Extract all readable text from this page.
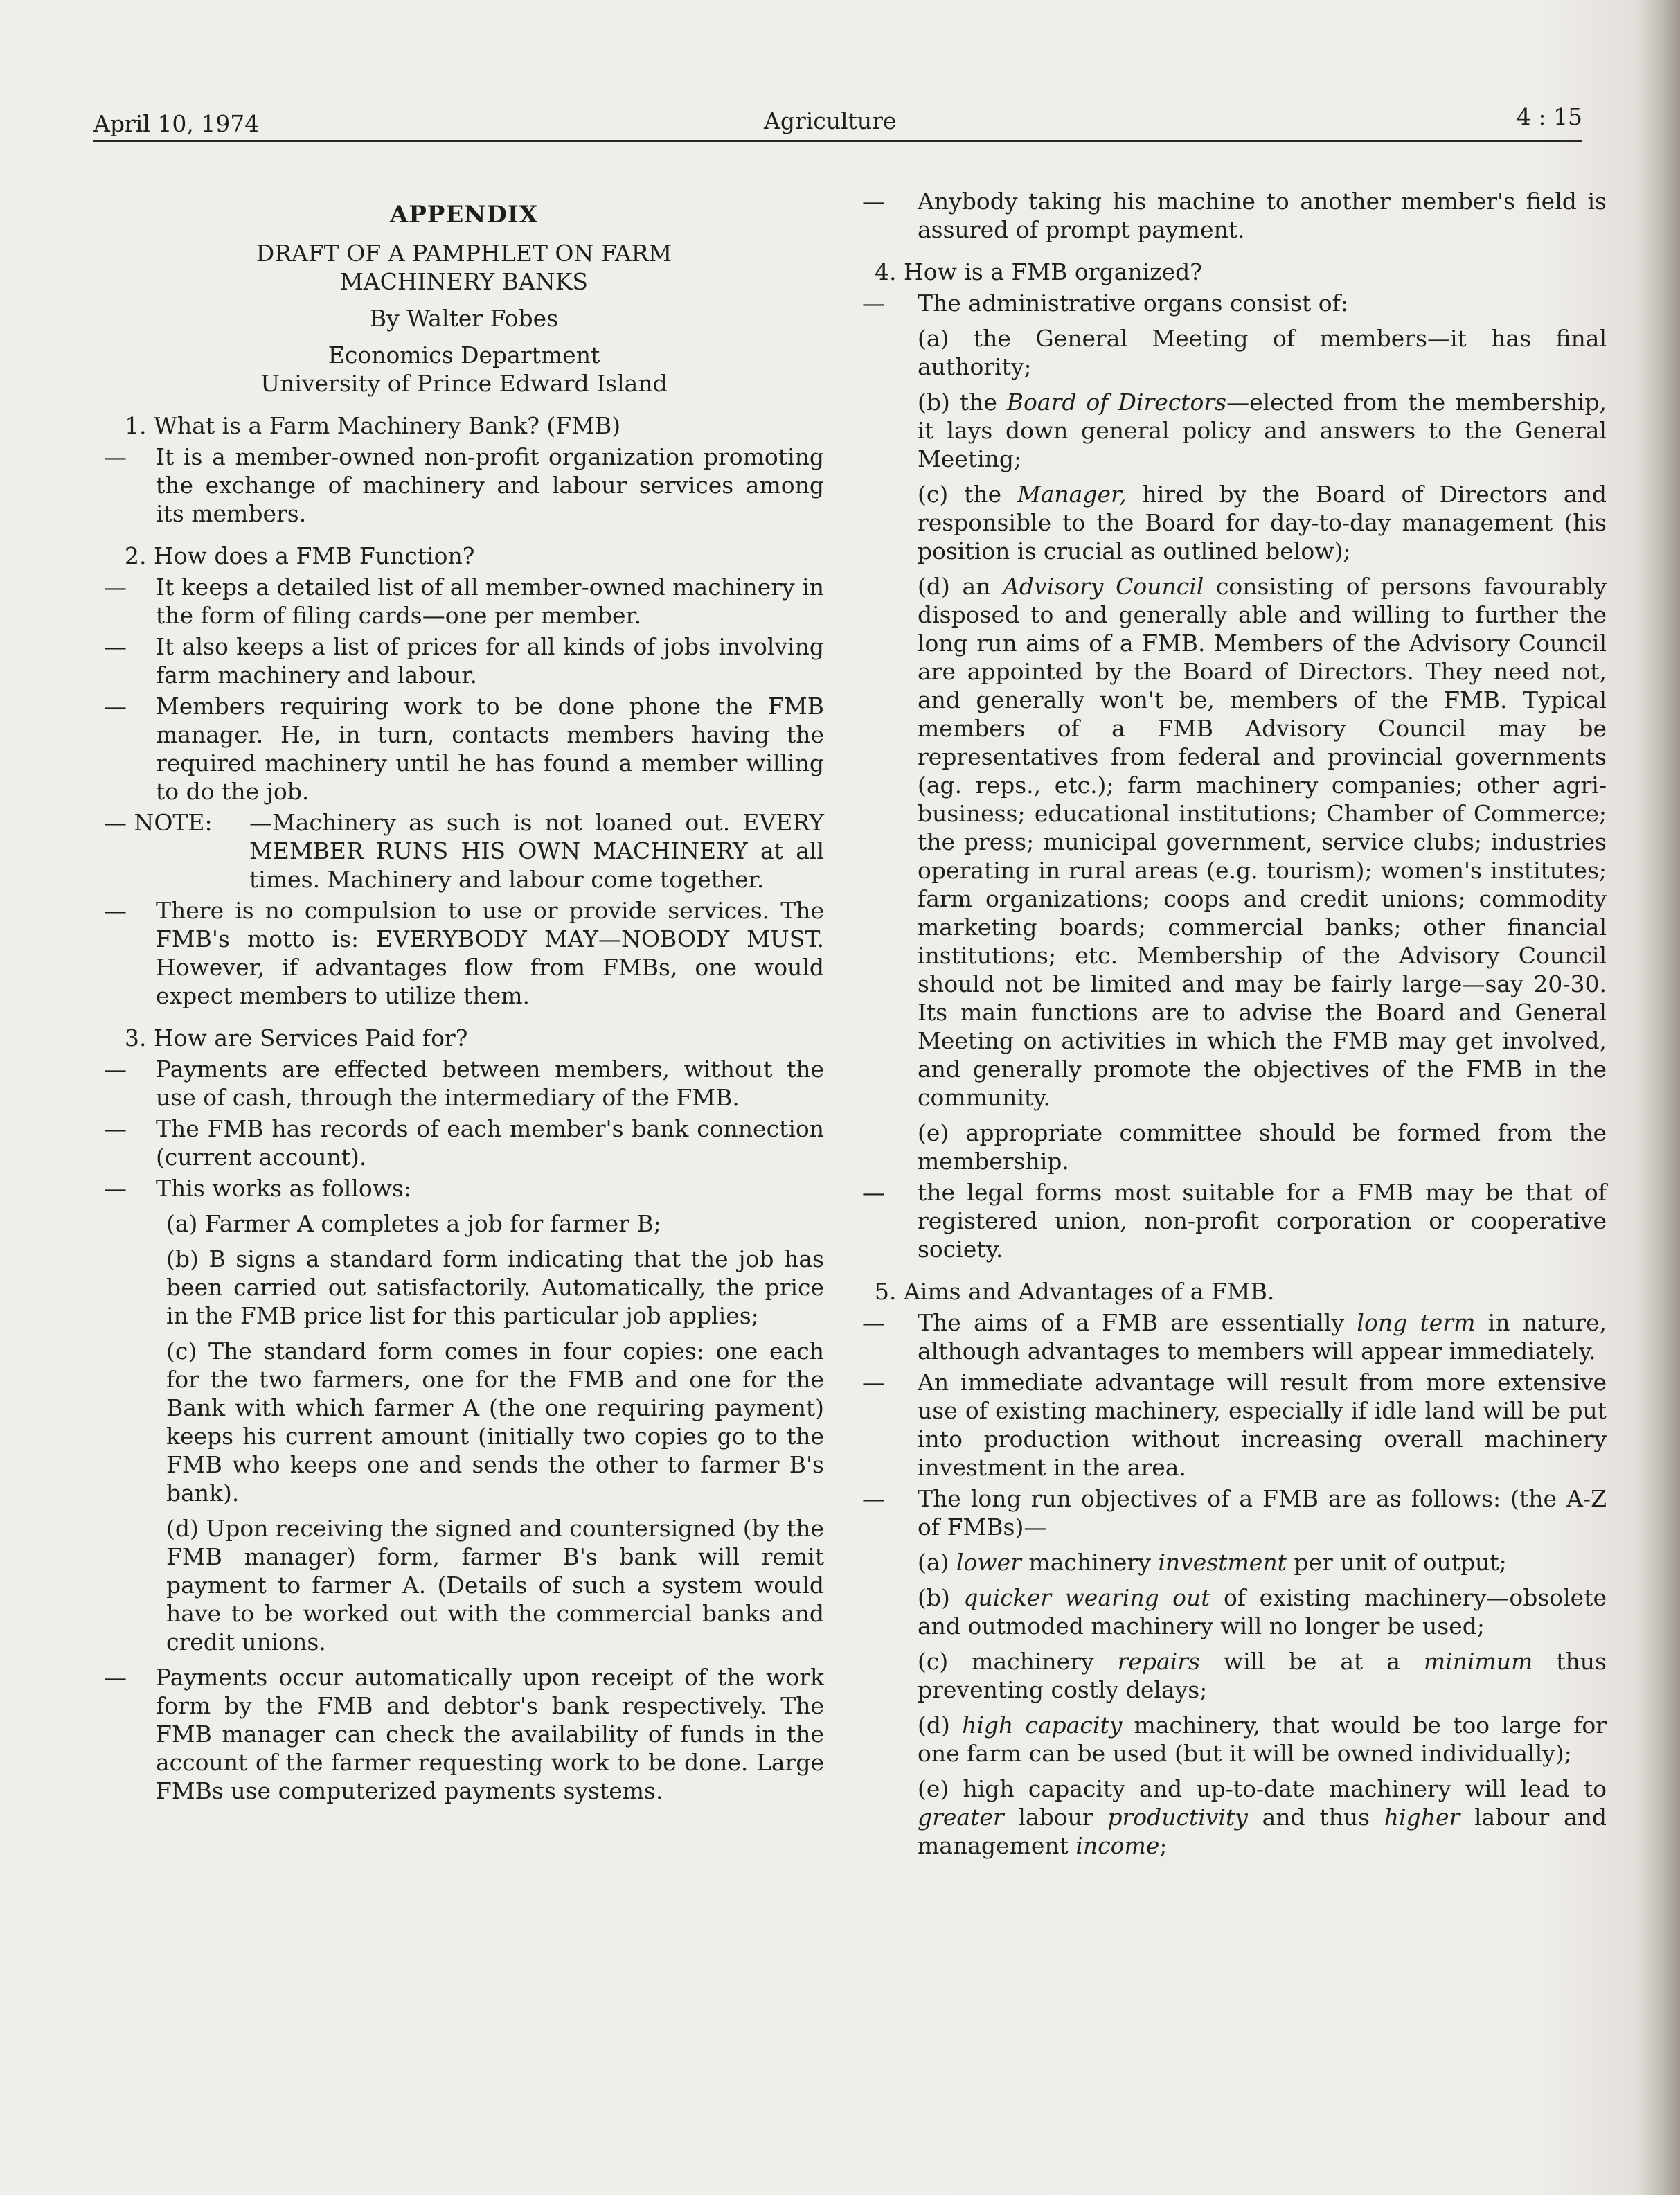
April 10, 1974	Agriculture	4 : 15
APPENDIX

DRAFT OF A PAMPHLET ON FARM

MACHINERY BANKS

By Walter Fobes

Economics Department

University of Prince Edward Island

1. What is a Farm Machinery Bank? (FMB)

— It is a member-owned non-profit organization promoting the exchange of machinery and labour services among its members.

2. How does a FMB Function?

— It keeps a detailed list of all member-owned machinery in the form of filing cards—one per member.

— It also keeps a list of prices for all kinds of jobs involving farm machinery and labour.

— Members requiring work to be done phone the FMB manager. He, in turn, contacts members having the required machinery until he has found a member willing to do the job.

— NOTE: —Machinery as such is not loaned out. EVERY MEMBER RUNS HIS OWN MACHINERY at all times. Machinery and labour come together.

— There is no compulsion to use or provide services. The FMB's motto is: EVERYBODY MAY—NOBODY MUST. However, if advantages flow from FMBs, one would expect members to utilize them.

3. How are Services Paid for?

— Payments are effected between members, without the use of cash, through the intermediary of the FMB.

— The FMB has records of each member's bank connection (current account).

— This works as follows:

(a) Farmer A completes a job for farmer B;

(b) B signs a standard form indicating that the job has been carried out satisfactorily. Automatically, the price in the FMB price list for this particular job applies;

(c) The standard form comes in four copies: one each for the two farmers, one for the FMB and one for the Bank with which farmer A (the one requiring payment) keeps his current amount (initially two copies go to the FMB who keeps one and sends the other to farmer B's bank).

(d) Upon receiving the signed and countersigned (by the FMB manager) form, farmer B's bank will remit payment to farmer A. (Details of such a system would have to be worked out with the commercial banks and credit unions.

— Payments occur automatically upon receipt of the work form by the FMB and debtor's bank respectively. The FMB manager can check the availability of funds in the account of the farmer requesting work to be done. Large FMBs use computerized payments systems.

— Anybody taking his machine to another member's field is assured of prompt payment.

4. How is a FMB organized?

— The administrative organs consist of:

(a) the General Meeting of members—it has final authority;

(b) the Board of Directors—elected from the membership, it lays down general policy and answers to the General Meeting;

(c) the Manager, hired by the Board of Directors and responsible to the Board for day-to-day management (his position is crucial as outlined below);

(d) an Advisory Council consisting of persons favourably disposed to and generally able and willing to further the long run aims of a FMB. Members of the Advisory Council are appointed by the Board of Directors. They need not, and generally won't be, members of the FMB. Typical members of a FMB Advisory Council may be representatives from federal and provincial governments (ag. reps., etc.); farm machinery companies; other agri-business; educational institutions; Chamber of Commerce; the press; municipal government, service clubs; industries operating in rural areas (e.g. tourism); women's institutes; farm organizations; coops and credit unions; commodity marketing boards; commercial banks; other financial institutions; etc. Membership of the Advisory Council should not be limited and may be fairly large—say 20-30. Its main functions are to advise the Board and General Meeting on activities in which the FMB may get involved, and generally promote the objectives of the FMB in the community.

(e) appropriate committee should be formed from the membership.

— the legal forms most suitable for a FMB may be that of registered union, non-profit corporation or cooperative society.

5. Aims and Advantages of a FMB.

— The aims of a FMB are essentially long term in nature, although advantages to members will appear immediately.

— An immediate advantage will result from more extensive use of existing machinery, especially if idle land will be put into production without increasing overall machinery investment in the area.

— The long run objectives of a FMB are as follows: (the A-Z of FMBs)—

(a) lower machinery investment per unit of output;

(b) quicker wearing out of existing machinery—obsolete and outmoded machinery will no longer be used;

(c) machinery repairs will be at a minimum thus preventing costly delays;

(d) high capacity machinery, that would be too large for one farm can be used (but it will be owned individually);

(e) high capacity and up-to-date machinery will lead to greater labour productivity and thus higher labour and management income;
